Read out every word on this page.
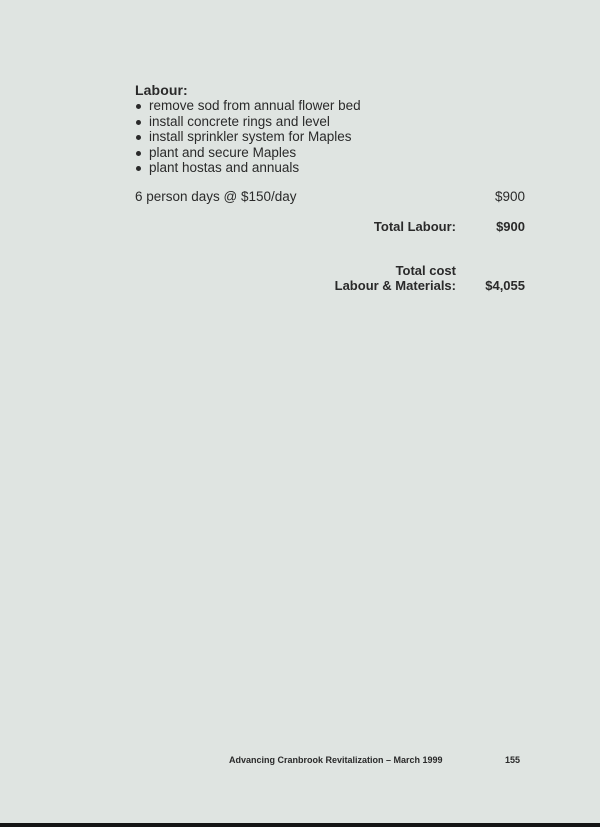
Labour:
remove sod from annual flower bed
install concrete rings and level
install sprinkler system for Maples
plant and secure Maples
plant hostas and annuals
6 person days @ $150/day	$900
Total Labour:	$900
Total cost
Labour & Materials: $4,055
Advancing Cranbrook Revitalization – March 1999	155
